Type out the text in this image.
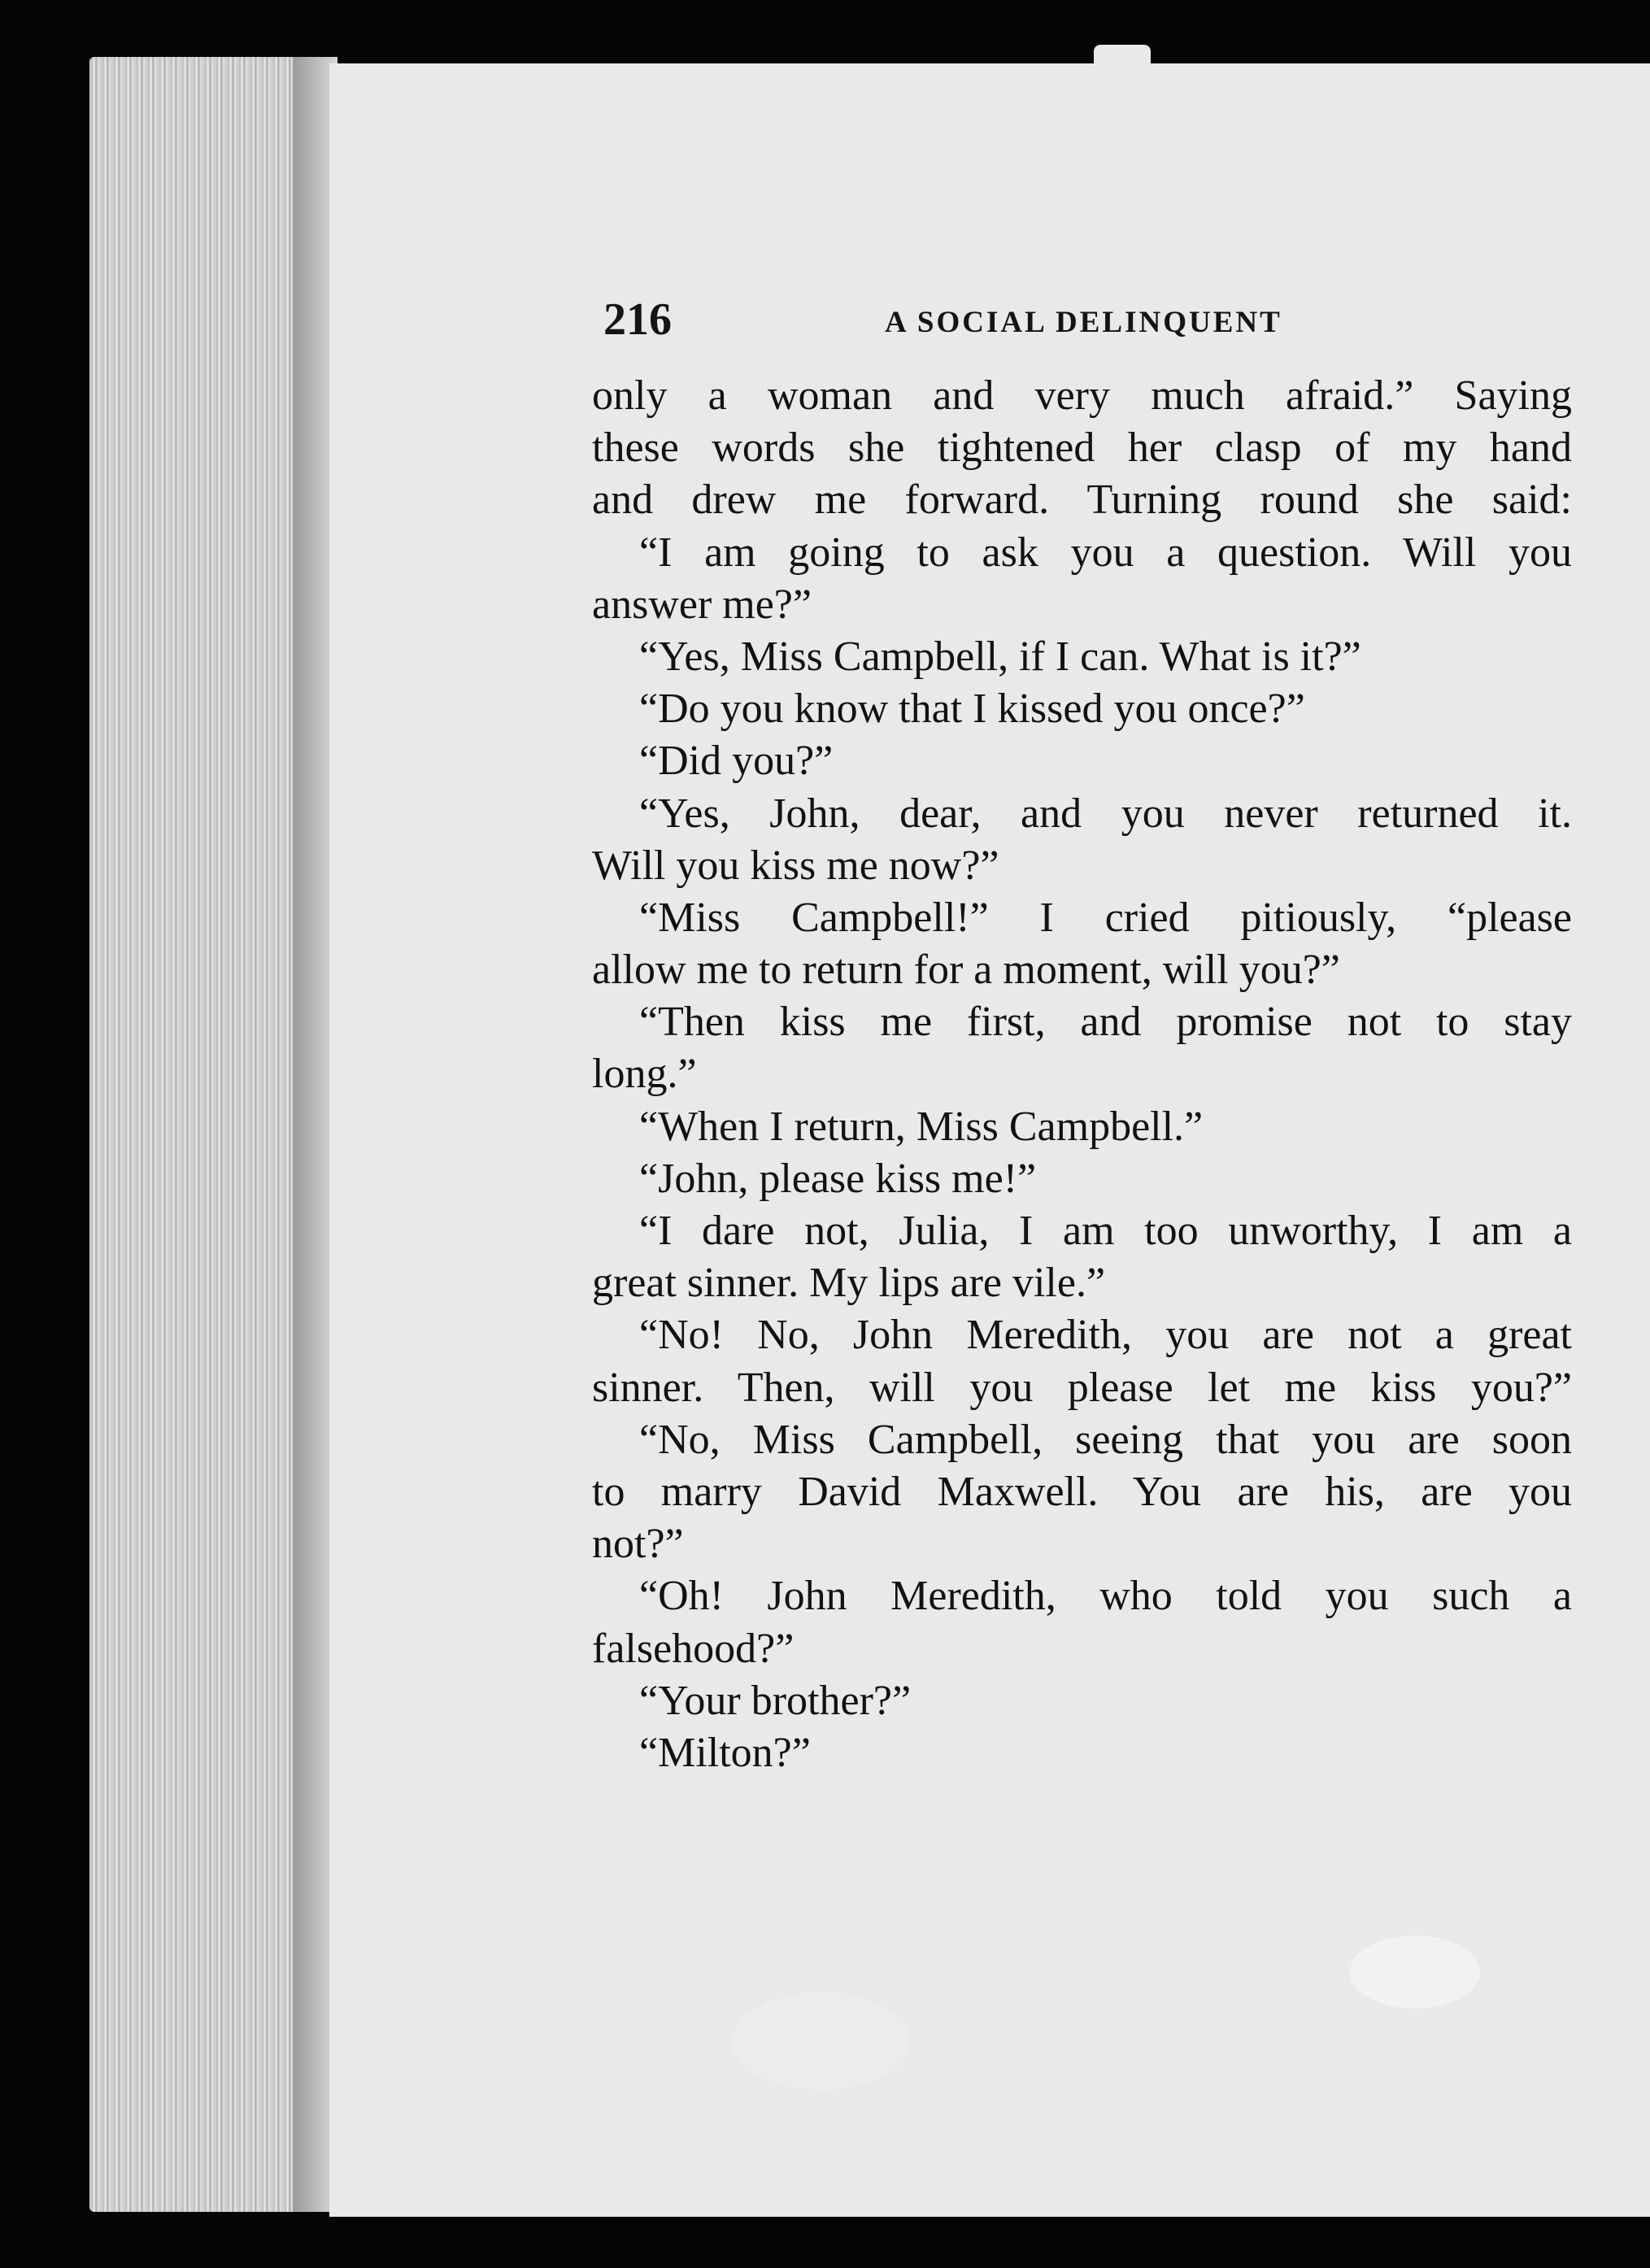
216	A SOCIAL DELINQUENT
only a woman and very much afraid.” Saying
these words she tightened her clasp of my hand
and drew me forward. Turning round she said:
“I am going to ask you a question. Will you
answer me?”
“Yes, Miss Campbell, if I can. What is it?”
“Do you know that I kissed you once?”
“Did you?”
“Yes, John, dear, and you never returned it.
Will you kiss me now?”
“Miss Campbell!” I cried pitiously, “please
allow me to return for a moment, will you?”
“Then kiss me first, and promise not to stay
long.”
“When I return, Miss Campbell.”
“John, please kiss me!”
“I dare not, Julia, I am too unworthy, I am a
great sinner. My lips are vile.”
“No! No, John Meredith, you are not a great
sinner. Then, will you please let me kiss you?”
“No, Miss Campbell, seeing that you are soon
to marry David Maxwell. You are his, are you
not?”
“Oh! John Meredith, who told you such a
falsehood?”
“Your brother?”
“Milton?”
